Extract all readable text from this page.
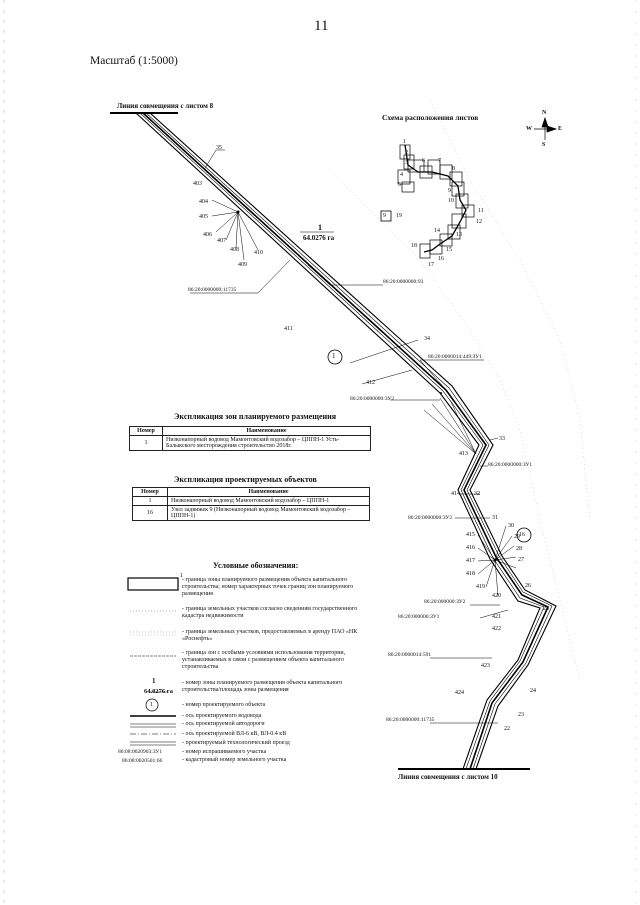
11
Масштаб (1:5000)
Линия совмещения с листом 8
Линия совмещения с листом 10
403
404
405
406
407
408
409
410
35
411
34
412
413
33
414 32
31
30
29
28
27
415
416
417
418
419
420
26
25
421
422
423
424	24
23
22
1
64.0276 га
1
16
86:20:0000000:11735
86:20:0000000:93
86:20:0000014:449:ЗУ1
86:20:0000000:ЗУ2
86:20:0000000:ЗУ1
86:20:0000000:ЗУ2
86:20:000000:ЗУ2
86:20:000000:ЗУ1
86:20:0000014:591
86:20:0000000:11735
Схема расположения листов	N
S
W	E
1
2
3
4
5
6 7
8
9
10
11
12
13
14
15
16
17
18
9 19
Экспликация зон планируемого размещения
Номер	Наименование
1	Низконапорный водовод Мамонтовский водозабор – ЦППН-1 Усть-Балыкского месторождения строительство 2018г.
Экспликация проектируемых объектов
Номер	Наименование
1	Низконапорный водовод Мамонтовский водозабор – ЦППН-1
16	Узел задвижек 9 (Низконапорный водовод Мамонтовский водозабор – ЦППН-1)
Условные обозначения:
1
- граница зоны планируемого размещения объекта капитального строительства; номер характерных точек границ зон планируемого размещения
- граница земельных участков согласно сведениям государственного кадастра недвижимости
- граница земельных участков, предоставляемых в аренду ПАО «НК «Роснефть»
- граница зон с особыми условиями использования территории, устанавливаемых в связи с размещением объекта капитального строительства
1
64.0276 га
- номер зоны планируемого размещения объекта капитального строительства/площадь зоны размещения
1	- номер проектируемого объекта
- ось проектируемого водовода
- ось проектируемой автодороги
- ось проектируемой ВЛ-6 кВ, ВЛ-0.4 кВ
- проектируемый технологический проезд
86:08:0020903:ЗУ1	- номер испрашиваемого участка
86:08:0020501:66	- кадастровый номер земельного участка
